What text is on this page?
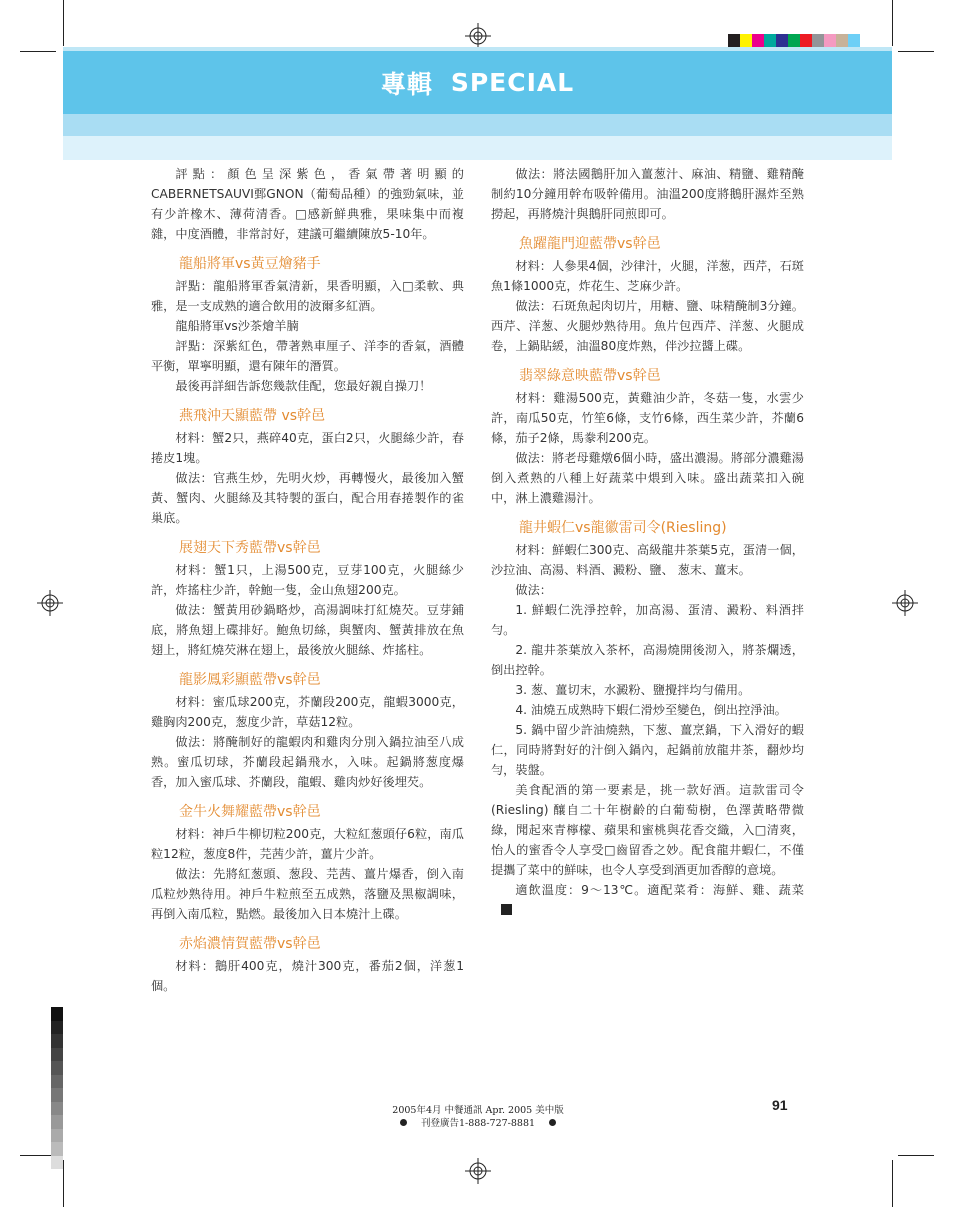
專輯 SPECIAL

評點：顏色呈深紫色，香氣帶著明顯的CABERNETSAUVI鄄GNON（葡萄品種）的強勁氣味，並有少許橡木、薄荷清香。□感新鮮典雅，果味集中而複雜，中度酒體，非常討好，建議可繼續陳放5-10年。

龍船將軍vs黃豆燴豬手

評點：龍船將軍香氣清新，果香明顯，入□柔軟、典雅，是一支成熟的適合飲用的波爾多紅酒。

龍船將軍vs沙茶燴羊腩

評點：深紫紅色，帶著熟車厘子、洋李的香氣，酒體平衡，單寧明顯，還有陳年的潛質。

最後再詳細告訴您幾款佳配，您最好親自操刀！

燕飛沖天顯藍帶 vs幹邑

材料：蟹2只，燕碎40克，蛋白2只，火腿絲少許，春捲皮1塊。

做法：官燕生炒，先明火炒，再轉慢火，最後加入蟹黃、蟹肉、火腿絲及其特製的蛋白，配合用春捲製作的雀巢底。

展翅天下秀藍帶vs幹邑

材料：蟹1只，上湯500克，豆芽100克，火腿絲少許，炸搖柱少許，幹鮑一隻，金山魚翅200克。

做法：蟹黃用砂鍋略炒，高湯調味打紅燒芡。豆芽鋪底，將魚翅上碟排好。鮑魚切絲，與蟹肉、蟹黃排放在魚翅上，將紅燒芡淋在翅上，最後放火腿絲、炸搖柱。

龍影鳳彩顯藍帶vs幹邑

材料：蜜瓜球200克，芥蘭段200克，龍蝦3000克，雞胸肉200克，葱度少許，草菇12粒。

做法：將醃制好的龍蝦肉和雞肉分別入鍋拉油至八成熟。蜜瓜切球，芥蘭段起鍋飛水，入味。起鍋將葱度爆香，加入蜜瓜球、芥蘭段，龍蝦、雞肉炒好後埋芡。

金牛火舞耀藍帶vs幹邑

材料：神戶牛柳切粒200克，大粒紅葱頭仔6粒，南瓜粒12粒，葱度8件，芫茜少許，薑片少許。

做法：先將紅葱頭、葱段、芫茜、薑片爆香，倒入南瓜粒炒熟待用。神戶牛粒煎至五成熟，落鹽及黑椒調味，再倒入南瓜粒，點燃。最後加入日本燒汁上碟。

赤焰濃情賀藍帶vs幹邑

材料：鵝肝400克，燒汁300克，番茄2個，洋葱1個。

做法：將法國鵝肝加入薑葱汁、麻油、精鹽、雞精醃制約10分鐘用幹布吸幹備用。油溫200度將鵝肝濕炸至熟撈起，再將燒汁與鵝肝同煎即可。

魚躍龍門迎藍帶vs幹邑

材料：人參果4個，沙律汁，火腿，洋葱，西芹，石斑魚1條1000克，炸花生、芝麻少許。

做法：石斑魚起肉切片，用糖、鹽、味精醃制3分鐘。西芹、洋葱、火腿炒熟待用。魚片包西芹、洋葱、火腿成卷，上鍋貼緩，油溫80度炸熟，伴沙拉醬上碟。

翡翠綠意映藍帶vs幹邑

材料：雞湯500克，黃雞油少許，冬菇一隻，水雲少許，南瓜50克，竹笙6條，支竹6條，西生菜少許，芥蘭6條，茄子2條，馬豢利200克。

做法：將老母雞燉6個小時，盛出濃湯。將部分濃雞湯倒入煮熟的八種上好蔬菜中煨到入味。盛出蔬菜扣入碗中，淋上濃雞湯汁。

龍井蝦仁vs龍徽雷司令(Riesling)

材料：鮮蝦仁300克、高級龍井茶葉5克，蛋清一個，沙拉油、高湯、料酒、澱粉、鹽、 葱末、薑末。

做法：

1. 鮮蝦仁洗淨控幹，加高湯、蛋清、澱粉、料酒拌勻。

2. 龍井茶葉放入茶杯，高湯燒開後沏入，將茶爛透，倒出控幹。

3. 葱、薑切末，水澱粉、鹽攪拌均勻備用。

4. 油燒五成熟時下蝦仁滑炒至變色，倒出控淨油。

5. 鍋中留少許油燒熱，下葱、薑烹鍋，下入滑好的蝦仁，同時將對好的汁倒入鍋內，起鍋前放龍井茶，翻炒均勻，裝盤。

美食配酒的第一要素是，挑一款好酒。這款雷司令(Riesling) 釀自二十年樹齡的白葡萄樹，色澤黃略帶微綠，聞起來青檸檬、蘋果和蜜桃與花香交織，入□清爽，怡人的蜜香令人享受□齒留香之妙。配食龍井蝦仁，不僅提攜了菜中的鮮味，也令人享受到酒更加香醇的意境。

適飲溫度：9～13℃。適配菜肴：海鮮、雞、蔬菜

2005年4月 中餐通訊 Apr. 2005 美中版
刊登廣告1-888-727-8881
91
